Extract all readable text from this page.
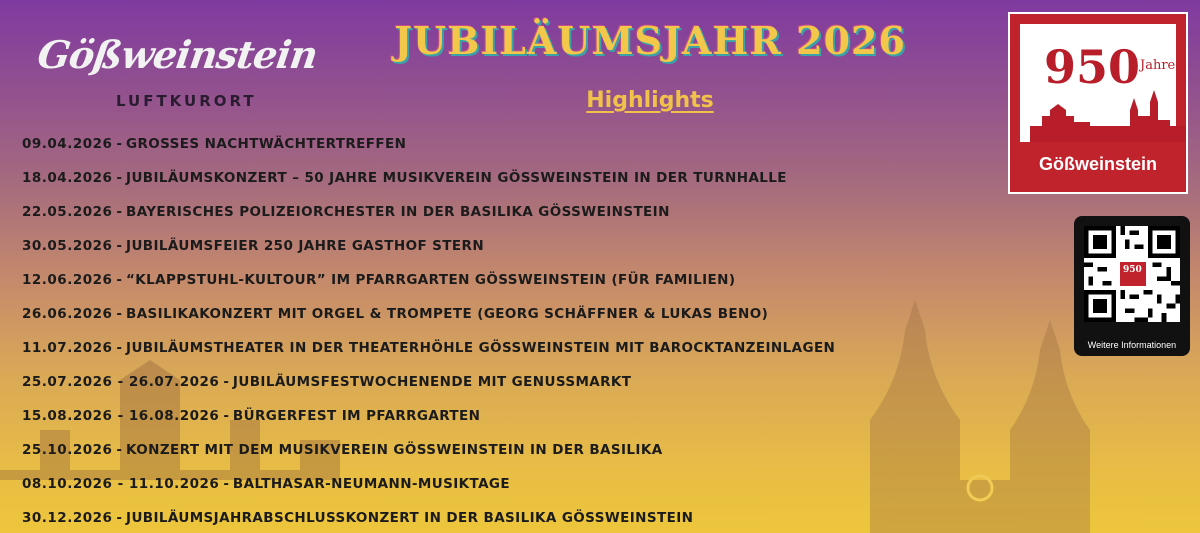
Gößweinstein
LUFTKURORT
JUBILÄUMSJAHR 2026
Highlights
09.04.2026 - GROSSES NACHTWÄCHTERTREFFEN
18.04.2026 - JUBILÄUMSKONZERT – 50 JAHRE MUSIKVEREIN GÖSSWEINSTEIN IN DER TURNHALLE
22.05.2026 - BAYERISCHES POLIZEIORCHESTER IN DER BASILIKA GÖSSWEINSTEIN
30.05.2026 - JUBILÄUMSFEIER 250 JAHRE GASTHOF STERN
12.06.2026 - “KLAPPSTUHL-KULTOUR” IM PFARRGARTEN GÖSSWEINSTEIN (FÜR FAMILIEN)
26.06.2026 - BASILIKAKONZERT MIT ORGEL & TROMPETE (GEORG SCHÄFFNER & LUKAS BENO)
11.07.2026 - JUBILÄUMSTHEATER IN DER THEATERHÖHLE GÖSSWEINSTEIN MIT BAROCKTANZEINLAGEN
25.07.2026 - 26.07.2026 - JUBILÄUMSFESTWOCHENENDE MIT GENUSSMARKT
15.08.2026 - 16.08.2026 - BÜRGERFEST IM PFARRGARTEN
25.10.2026 - KONZERT MIT DEM MUSIKVEREIN GÖSSWEINSTEIN IN DER BASILIKA
08.10.2026 - 11.10.2026 - BALTHASAR-NEUMANN-MUSIKTAGE
30.12.2026 - JUBILÄUMSJAHRABSCHLUSSKONZERT IN DER BASILIKA GÖSSWEINSTEIN
950 Jahre
Gößweinstein
950
Weitere Informationen
